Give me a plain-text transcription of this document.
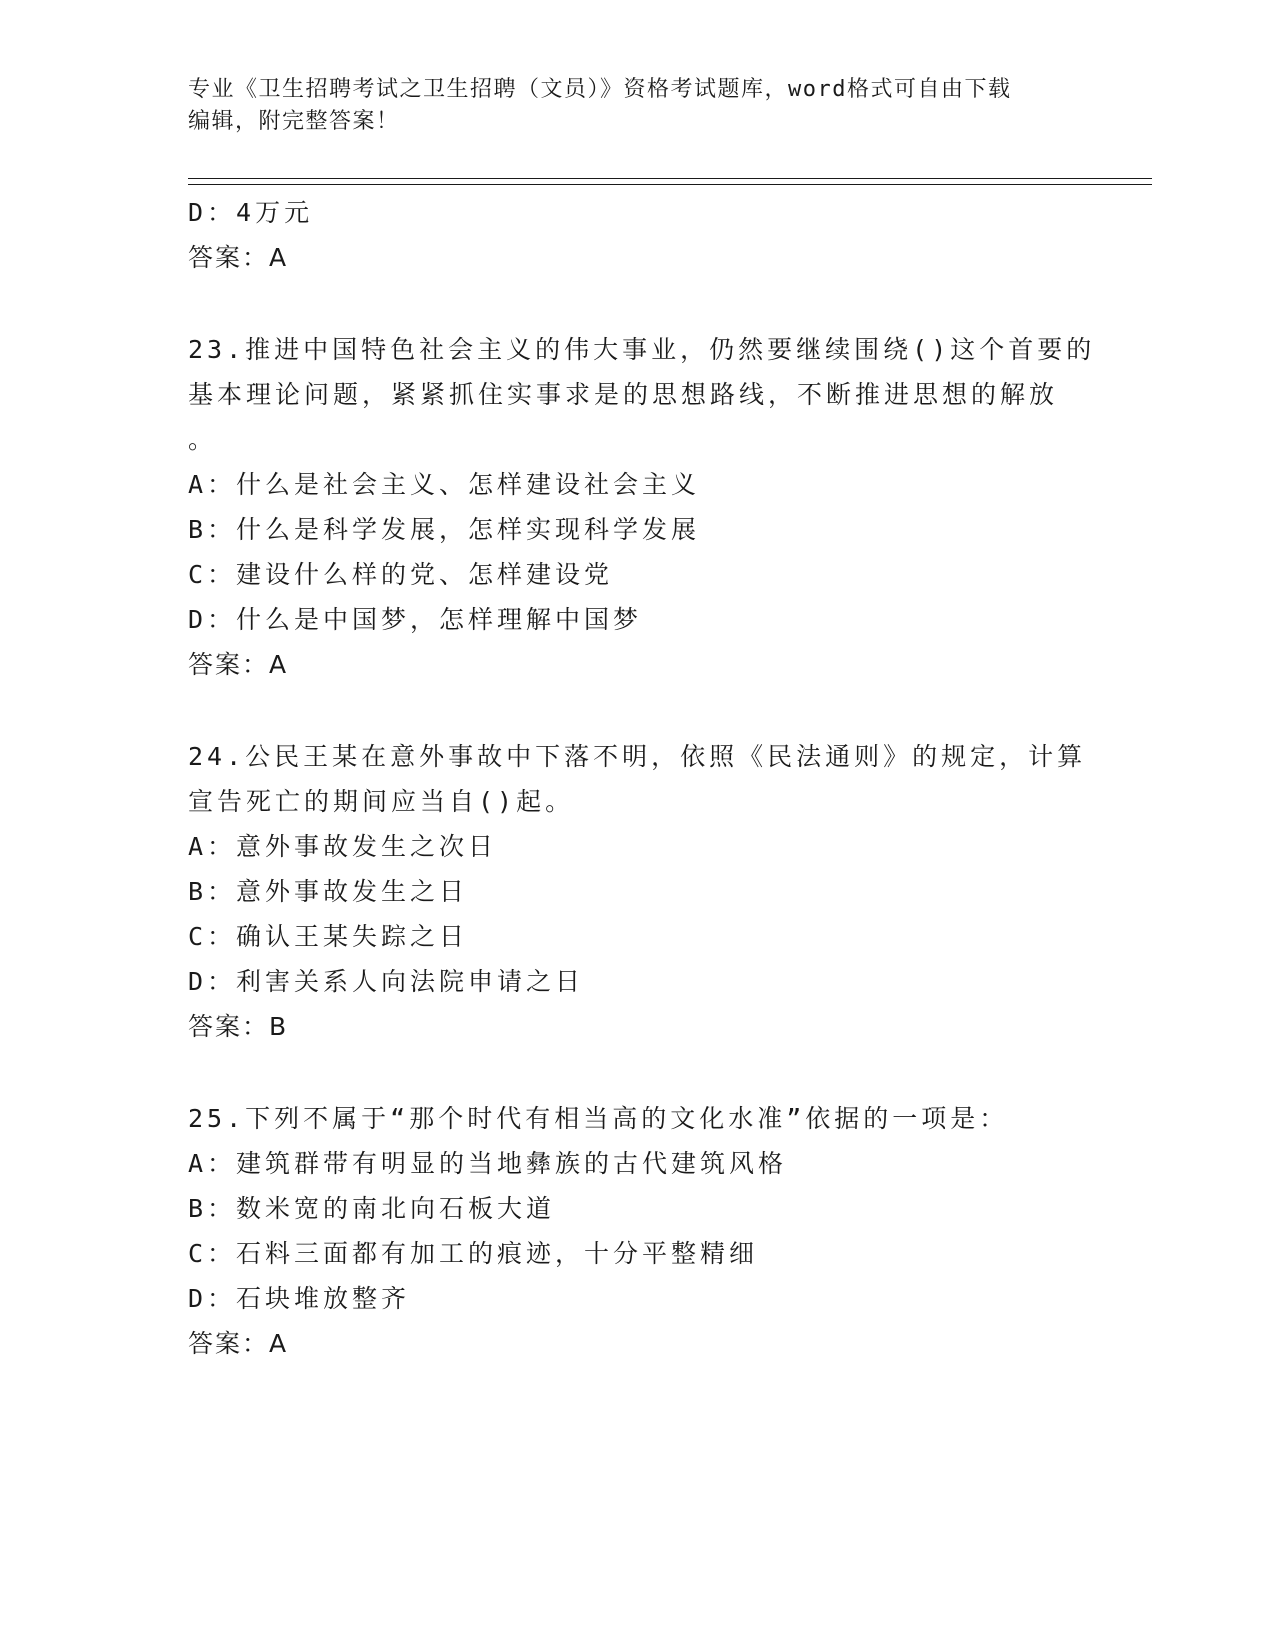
专业《卫生招聘考试之卫生招聘（文员）》资格考试题库，word格式可自由下载
编辑，附完整答案！
D：4万元
答案：A
23.推进中国特色社会主义的伟大事业，仍然要继续围绕()这个首要的
基本理论问题，紧紧抓住实事求是的思想路线，不断推进思想的解放
。
A：什么是社会主义、怎样建设社会主义
B：什么是科学发展，怎样实现科学发展
C：建设什么样的党、怎样建设党
D：什么是中国梦，怎样理解中国梦
答案：A
24.公民王某在意外事故中下落不明，依照《民法通则》的规定，计算
宣告死亡的期间应当自()起。
A：意外事故发生之次日
B：意外事故发生之日
C：确认王某失踪之日
D：利害关系人向法院申请之日
答案：B
25.下列不属于“那个时代有相当高的文化水准”依据的一项是：
A：建筑群带有明显的当地彝族的古代建筑风格
B：数米宽的南北向石板大道
C：石料三面都有加工的痕迹，十分平整精细
D：石块堆放整齐
答案：A
